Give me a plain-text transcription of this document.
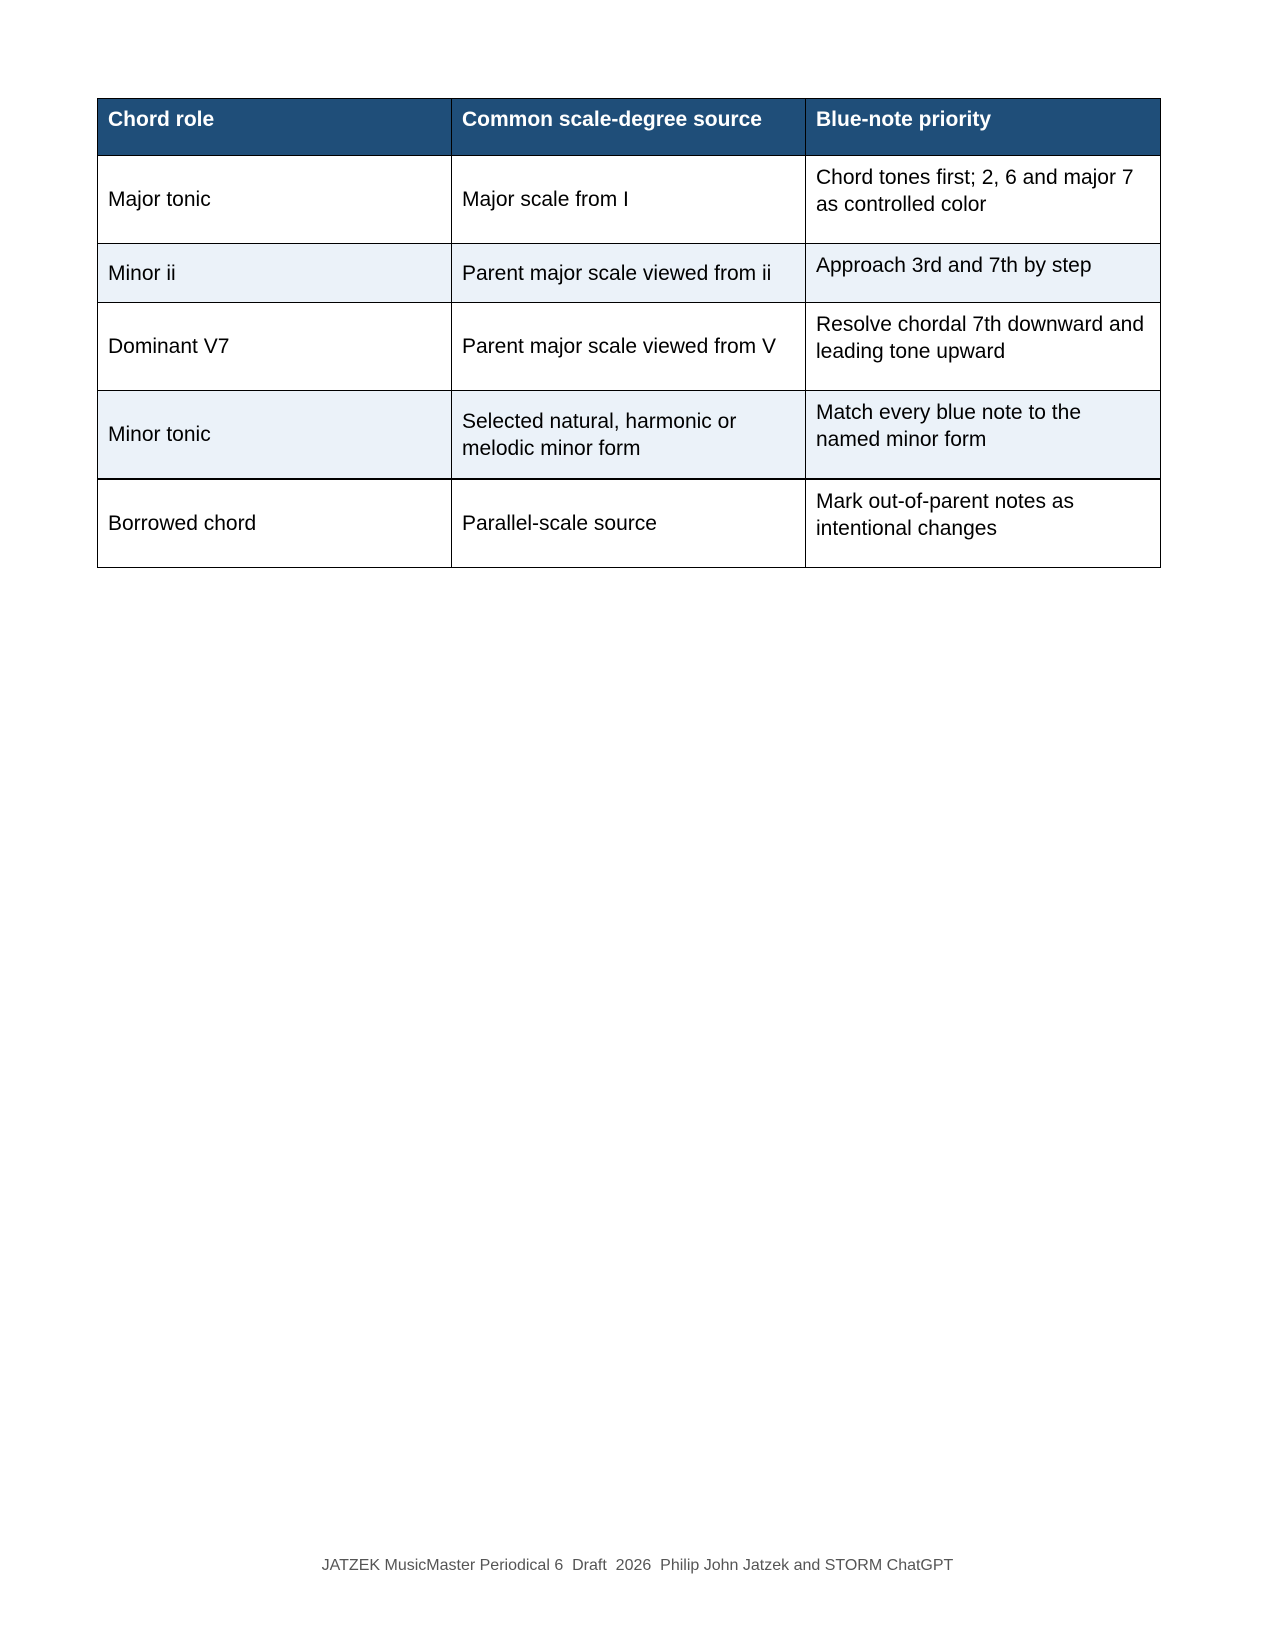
Chord role	Common scale-degree source	Blue-note priority
Major tonic	Major scale from I	Chord tones first; 2, 6 and major 7 as controlled color
Minor ii	Parent major scale viewed from ii	Approach 3rd and 7th by step
Dominant V7	Parent major scale viewed from V	Resolve chordal 7th downward and leading tone upward
Minor tonic	Selected natural, harmonic or melodic minor form	Match every blue note to the named minor form
Borrowed chord	Parallel-scale source	Mark out-of-parent notes as intentional changes
JATZEK MusicMaster Periodical 6  Draft  2026  Philip John Jatzek and STORM ChatGPT
